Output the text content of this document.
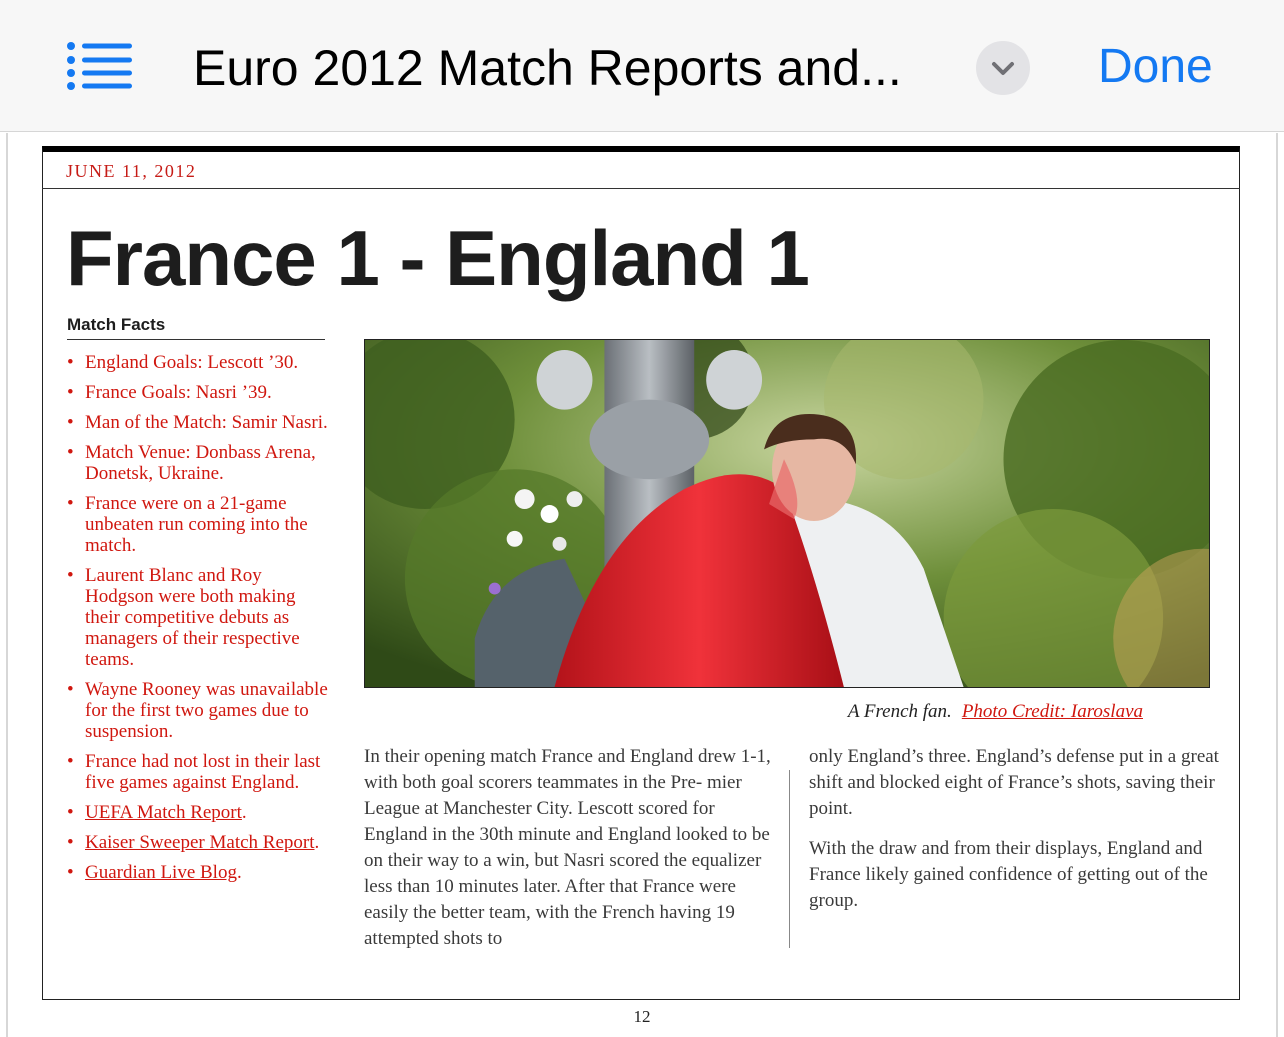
Euro 2012 Match Reports and...	Done
JUNE 11, 2012
France 1 - England 1
Match Facts
• England Goals: Lescott ’30.
• France Goals: Nasri ’39.
• Man of the Match: Samir Nasri.
• Match Venue: Donbass Arena, Donetsk, Ukraine.
• France were on a 21-game unbeaten run coming into the match.
• Laurent Blanc and Roy Hodgson were both making their competitive debuts as managers of their respective teams.
• Wayne Rooney was unavailable for the first two games due to suspension.
• France had not lost in their last five games against England.
• UEFA Match Report.
• Kaiser Sweeper Match Report.
• Guardian Live Blog.
A French fan. Photo Credit: Iaroslava
In their opening match France and England drew 1-1, with both goal scorers teammates in the Pre- mier League at Manchester City. Lescott scored for England in the 30th minute and England looked to be on their way to a win, but Nasri scored the equalizer less than 10 minutes later. After that France were easily the better team, with the French having 19 attempted shots to

only England’s three. England’s defense put in a great shift and blocked eight of France’s shots, saving their point.

With the draw and from their displays, England and France likely gained confidence of getting out of the group.

12
